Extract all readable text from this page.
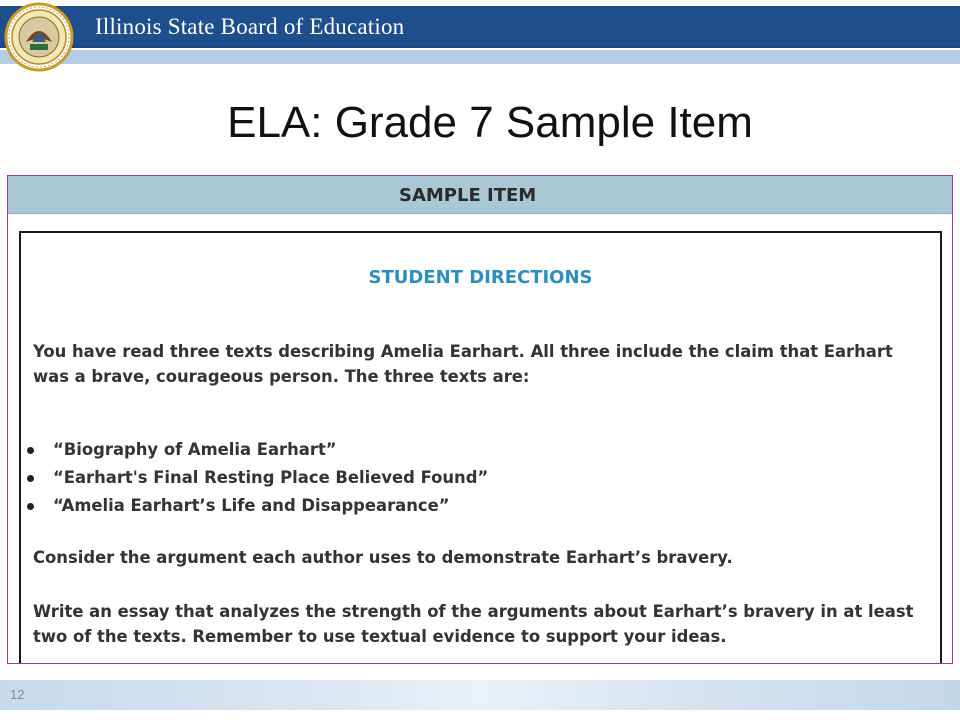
Illinois State Board of Education
ELA: Grade 7 Sample Item
SAMPLE ITEM
STUDENT DIRECTIONS
You have read three texts describing Amelia Earhart. All three include the claim that Earhart was a brave, courageous person. The three texts are:
“Biography of Amelia Earhart”
“Earhart's Final Resting Place Believed Found”
“Amelia Earhart’s Life and Disappearance”
Consider the argument each author uses to demonstrate Earhart’s bravery.
Write an essay that analyzes the strength of the arguments about Earhart’s bravery in at least two of the texts. Remember to use textual evidence to support your ideas.
12
